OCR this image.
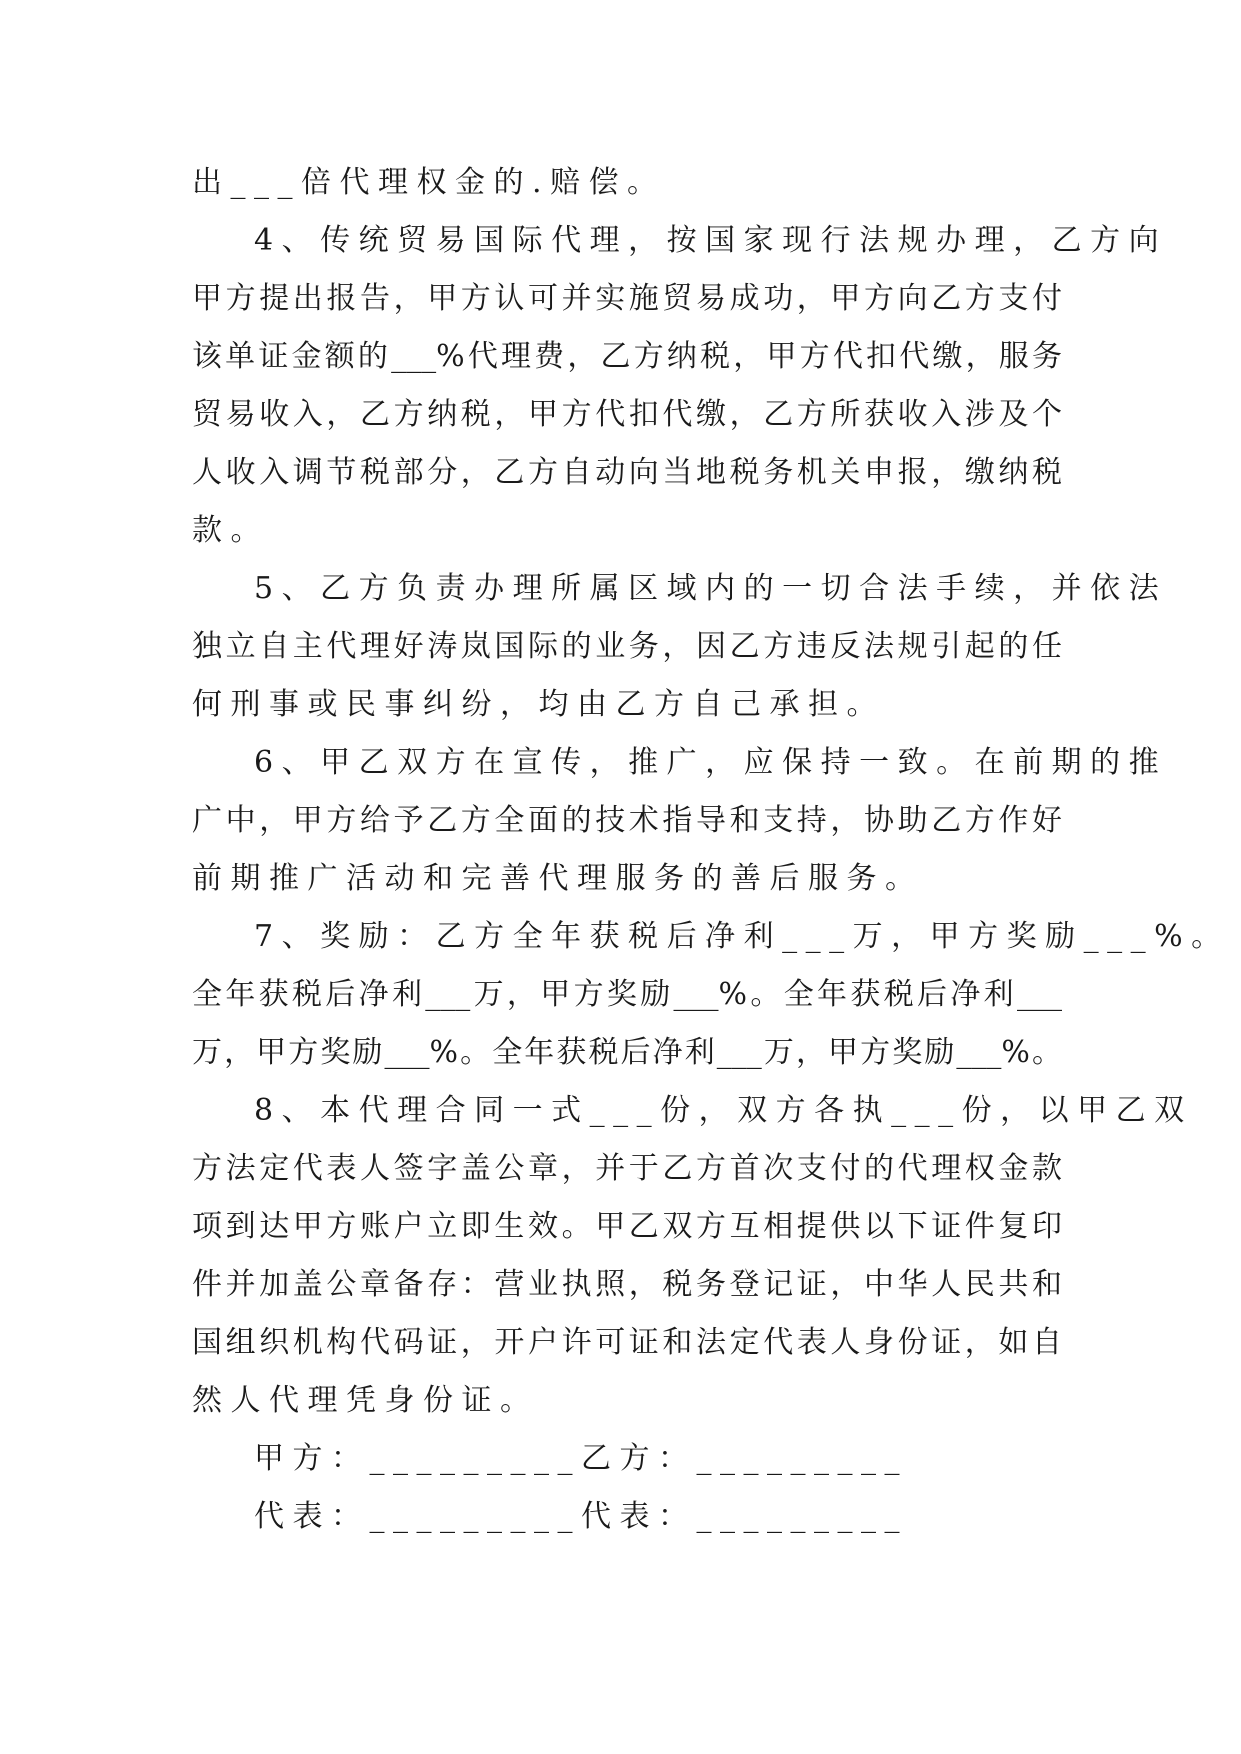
出___倍代理权金的.赔偿。
4、传统贸易国际代理，按国家现行法规办理，乙方向
甲方提出报告，甲方认可并实施贸易成功，甲方向乙方支付
该单证金额的___%代理费，乙方纳税，甲方代扣代缴，服务
贸易收入，乙方纳税，甲方代扣代缴，乙方所获收入涉及个
人收入调节税部分，乙方自动向当地税务机关申报，缴纳税
款。
5、乙方负责办理所属区域内的一切合法手续，并依法
独立自主代理好涛岚国际的业务，因乙方违反法规引起的任
何刑事或民事纠纷，均由乙方自己承担。
6、甲乙双方在宣传，推广，应保持一致。在前期的推
广中，甲方给予乙方全面的技术指导和支持，协助乙方作好
前期推广活动和完善代理服务的善后服务。
7、奖励：乙方全年获税后净利___万，甲方奖励___%。
全年获税后净利___万，甲方奖励___%。全年获税后净利___
万，甲方奖励___%。全年获税后净利___万，甲方奖励___%。
8、本代理合同一式___份，双方各执___份，以甲乙双
方法定代表人签字盖公章，并于乙方首次支付的代理权金款
项到达甲方账户立即生效。甲乙双方互相提供以下证件复印
件并加盖公章备存：营业执照，税务登记证，中华人民共和
国组织机构代码证，开户许可证和法定代表人身份证，如自
然人代理凭身份证。
甲方：_________乙方：_________
代表：_________代表：_________
